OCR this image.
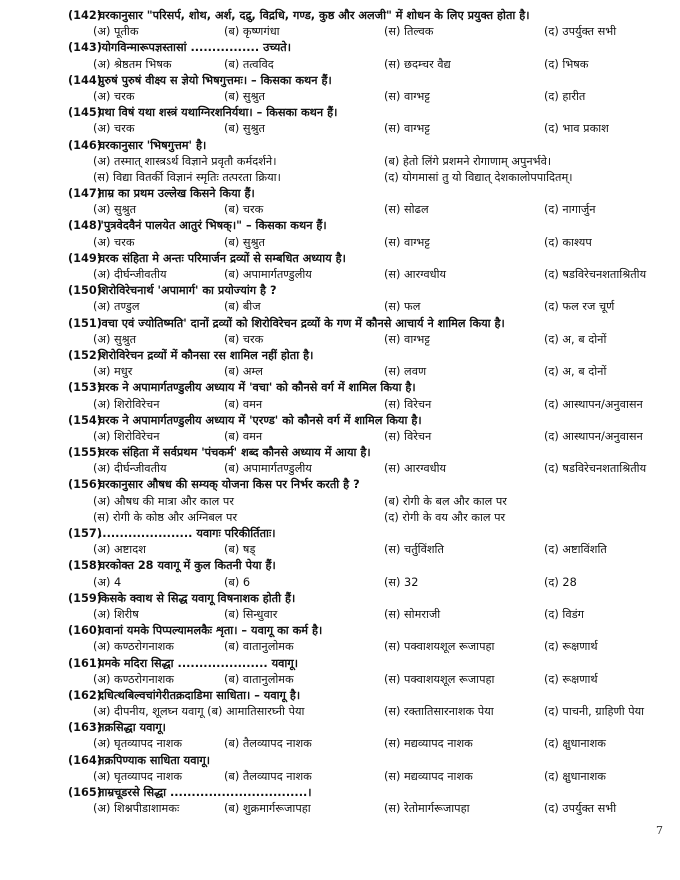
(142)
चरकानुसार "परिसर्प, शोथ, अर्श, दद्रु, विद्रधि, गण्ड, कुष्ठ और अलजी" में शोधन के लिए प्रयुक्त होता है।
(अ) पूतीक	(ब) कृष्णगंधा	(स) तिल्वक	(द) उपर्युक्त सभी
(143)
'योगविन्मारूपज्ञस्तासां ................ उच्यते।
(अ) श्रेष्ठतम भिषक	(ब) तत्वविद	(स) छदम्चर वैद्य	(द) भिषक
(144)
पुरुषं पुरुषं वीक्ष्य स ज्ञेयो भिषगुत्तमः। – किसका कथन हैं।
(अ) चरक	(ब) सुश्रुत	(स) वाग्भट्ट	(द) हारीत
(145)
यथा विषं यथा शस्त्रं यथाग्निरशनिर्यथा। – किसका कथन हैं।
(अ) चरक	(ब) सुश्रुत	(स) वाग्भट्ट	(द) भाव प्रकाश
(146)
चरकानुसार 'भिषगुत्तम' है।
(अ) तस्मात् शास्त्रऽर्थ विज्ञाने प्रवृतौ कर्मदर्शने।	(ब) हेतो लिंगे प्रशमने रोगाणाम् अपुनर्भवे।
(स) विद्या वितर्की विज्ञानं स्मृतिः तत्परता क्रिया।	(द) योगमासां तु यो विद्यात् देशकालोपपादितम्।
(147)
ताम्र का प्रथम उल्लेख किसने किया हैं।
(अ) सुश्रुत	(ब) चरक	(स) सोढल	(द) नागार्जुन
(148)
"पुत्रवेदवैनं पालयेत आतुरं भिषक्।" – किसका कथन हैं।
(अ) चरक	(ब) सुश्रुत	(स) वाग्भट्ट	(द) काश्यप
(149)
चरक संहिता मे अन्तः परिमार्जन द्रव्यों से सम्बधित अध्याय है।
(अ) दीर्घन्जीवतीय	(ब) अपामार्गतण्डुलीय	(स) आरग्वधीय	(द) षडविरेचनशताश्रितीय
(150)
शिरोविरेचनार्थ 'अपामार्ग' का प्रयोज्यांग है ?
(अ) तण्डुल	(ब) बीज	(स) फल	(द) फल रज चूर्ण
(151)
'वचा एवं ज्योतिष्मति' दानों द्रव्यों को शिरोविरेचन द्रव्यों के गण में कौनसे आचार्य ने शामिल किया है।
(अ) सुश्रुत	(ब) चरक	(स) वाग्भट्ट	(द) अ, ब दोनों
(152)
शिरोविरेचन द्रव्यों में कौनसा रस शामिल नहीं होता है।
(अ) मधुर	(ब) अम्ल	(स) लवण	(द) अ, ब दोनों
(153)
चरक ने अपामार्गतण्डुलीय अध्याय में 'वचा' को कौनसे वर्ग में शामिल किया है।
(अ) शिरोविरेचन	(ब) वमन	(स) विरेचन	(द) आस्थापन/अनुवासन
(154)
चरक ने अपामार्गतण्डुलीय अध्याय में 'एरण्ड' को कौनसे वर्ग में शामिल किया है।
(अ) शिरोविरेचन	(ब) वमन	(स) विरेचन	(द) आस्थापन/अनुवासन
(155)
चरक संहिता में सर्वप्रथम 'पंचकर्म' शब्द कौनसे अध्याय में आया है।
(अ) दीर्घन्जीवतीय	(ब) अपामार्गतण्डुलीय	(स) आरग्वधीय	(द) षडविरेचनशताश्रितीय
(156)
चरकानुसार औषध की सम्यक् योजना किस पर निर्भर करती है ?
(अ) औषध की मात्रा और काल पर	(ब) रोगी के बल और काल पर
(स) रोगी के कोष्ठ और अग्निबल पर	(द) रोगी के वय और काल पर
(157)
...................... यवागः परिकीर्तिताः।
(अ) अष्टादश	(ब) षड्	(स) चर्तुविंशति	(द) अष्टाविंशति
(158)
चरकोक्त 28 यवागू में कुल कितनी पेया हैं।
(अ) 4	(ब) 6	(स) 32	(द) 28
(159)
किसके क्वाथ से सिद्ध यवागू विषनाशक होती हैं।
(अ) शिरीष	(ब) सिन्धुवार	(स) सोमराजी	(द) विडंग
(160)
यवानां यमके पिप्पल्यामलकैः शृता। – यवागू का कर्म है।
(अ) कण्ठरोगनाशक	(ब) वातानुलोमक	(स) पक्वाशयशूल रूजापहा	(द) रूक्षणार्थ
(161)
यमके मदिरा सिद्धा ..................... यवागू।
(अ) कण्ठरोगनाशक	(ब) वातानुलोमक	(स) पक्वाशयशूल रूजापहा	(द) रूक्षणार्थ
(162)
दधित्थबिल्वचांगेरीतक्रदाडिमा साधिता। – यवागू है।
(अ) दीपनीय, शूलघ्न यवागू (ब) आमातिसारघ्नी पेया	(स) रक्तातिसारनाशक पेया	(द) पाचनी, ग्राहिणी पेया
(163)
तक्रसिद्धा यवागू।
(अ) घृतव्यापद नाशक	(ब) तैलव्यापद नाशक	(स) मद्यव्यापद नाशक	(द) क्षुधानाशक
(164)
तक्रपिण्याक साधिता यवागू।
(अ) घृतव्यापद नाशक	(ब) तैलव्यापद नाशक	(स) मद्यव्यापद नाशक	(द) क्षुधानाशक
(165)
ताम्रचूडरसे सिद्धा ................................।
(अ) शिश्नपीडाशामकः	(ब) शुक्रमार्गरूजापहा	(स) रेतोमार्गरूजापहा	(द) उपर्युक्त सभी
7
